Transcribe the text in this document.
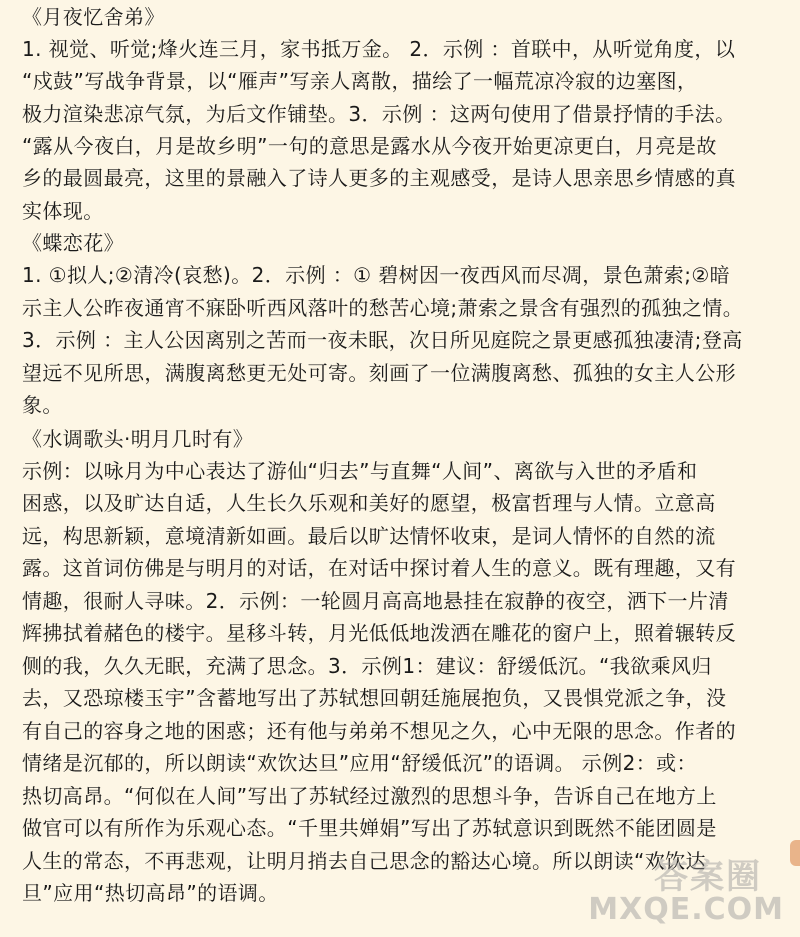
《月夜忆舍弟》
1. 视觉、听觉;烽火连三月，家书抵万金。 2．示例 ：首联中，从听觉角度，以
“戍鼓”写战争背景，以“雁声”写亲人离散，描绘了一幅荒凉冷寂的边塞图，
极力渲染悲凉气氛，为后文作铺垫。3．示例 ：这两句使用了借景抒情的手法。
“露从今夜白，月是故乡明”一句的意思是露水从今夜开始更凉更白，月亮是故
乡的最圆最亮，这里的景融入了诗人更多的主观感受，是诗人思亲思乡情感的真
实体现。
《蝶恋花》
1. ①拟人;②清冷(哀愁)。2．示例 ：① 碧树因一夜西风而尽凋，景色萧索;②暗
示主人公昨夜通宵不寐卧听西风落叶的愁苦心境;萧索之景含有强烈的孤独之情。
3．示例 ：主人公因离别之苦而一夜未眠，次日所见庭院之景更感孤独凄清;登高
望远不见所思，满腹离愁更无处可寄。刻画了一位满腹离愁、孤独的女主人公形
象。
《水调歌头·明月几时有》
示例：以咏月为中心表达了游仙“归去”与直舞“人间”、离欲与入世的矛盾和
困惑，以及旷达自适，人生长久乐观和美好的愿望，极富哲理与人情。立意高
远，构思新颖，意境清新如画。最后以旷达情怀收束，是词人情怀的自然的流
露。这首词仿佛是与明月的对话，在对话中探讨着人生的意义。既有理趣，又有
情趣，很耐人寻味。2．示例：一轮圆月高高地悬挂在寂静的夜空，洒下一片清
辉拂拭着赭色的楼宇。星移斗转，月光低低地泼洒在雕花的窗户上，照着辗转反
侧的我，久久无眠，充满了思念。3．示例1：建议：舒缓低沉。“我欲乘风归
去，又恐琼楼玉宇”含蓄地写出了苏轼想回朝廷施展抱负，又畏惧党派之争，没
有自己的容身之地的困惑；还有他与弟弟不想见之久，心中无限的思念。作者的
情绪是沉郁的，所以朗读“欢饮达旦”应用“舒缓低沉”的语调。 示例2：或：
热切高昂。“何似在人间”写出了苏轼经过激烈的思想斗争，告诉自己在地方上
做官可以有所作为乐观心态。“千里共婵娟”写出了苏轼意识到既然不能团圆是
人生的常态，不再悲观，让明月捎去自己思念的豁达心境。所以朗读“欢饮达
旦”应用“热切高昂”的语调。	答案圈
MXQE.COM
